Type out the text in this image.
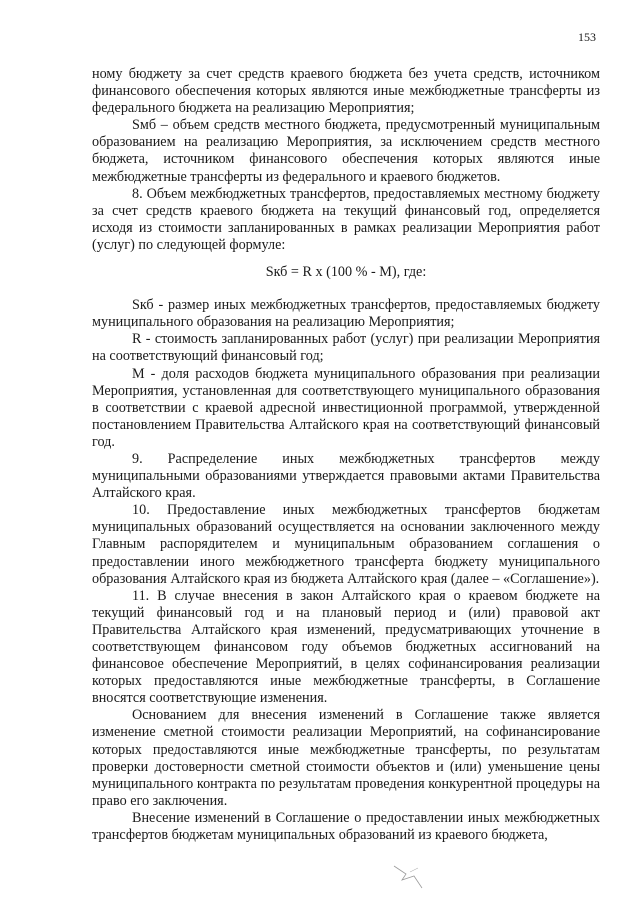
153

ному бюджету за счет средств краевого бюджета без учета средств, источником финансового обеспечения которых являются иные межбюджетные трансферты из федерального бюджета на реализацию Мероприятия;

Sмб – объем средств местного бюджета, предусмотренный муниципальным образованием на реализацию Мероприятия, за исключением средств местного бюджета, источником финансового обеспечения которых являются иные межбюджетные трансферты из федерального и краевого бюджетов.

8. Объем межбюджетных трансфертов, предоставляемых местному бюджету за счет средств краевого бюджета на текущий финансовый год, определяется исходя из стоимости запланированных в рамках реализации Мероприятия работ (услуг) по следующей формуле:

Sкб = R x (100 % - М), где:

Sкб - размер иных межбюджетных трансфертов, предоставляемых бюджету муниципального образования на реализацию Мероприятия;

R - стоимость запланированных работ (услуг) при реализации Мероприятия на соответствующий финансовый год;

М - доля расходов бюджета муниципального образования при реализации Мероприятия, установленная для соответствующего муниципального образования в соответствии с краевой адресной инвестиционной программой, утвержденной постановлением Правительства Алтайского края на соответствующий финансовый год.

9. Распределение иных межбюджетных трансфертов между муниципальными образованиями утверждается правовыми актами Правительства Алтайского края.

10. Предоставление иных межбюджетных трансфертов бюджетам муниципальных образований осуществляется на основании заключенного между Главным распорядителем и муниципальным образованием соглашения о предоставлении иного межбюджетного трансферта бюджету муниципального образования Алтайского края из бюджета Алтайского края (далее – «Соглашение»).

11. В случае внесения в закон Алтайского края о краевом бюджете на текущий финансовый год и на плановый период и (или) правовой акт Правительства Алтайского края изменений, предусматривающих уточнение в соответствующем финансовом году объемов бюджетных ассигнований на финансовое обеспечение Мероприятий, в целях софинансирования реализации которых предоставляются иные межбюджетные трансферты, в Соглашение вносятся соответствующие изменения.

Основанием для внесения изменений в Соглашение также является изменение сметной стоимости реализации Мероприятий, на софинансирование которых предоставляются иные межбюджетные трансферты, по результатам проверки достоверности сметной стоимости объектов и (или) уменьшение цены муниципального контракта по результатам проведения конкурентной процедуры на право его заключения.

Внесение изменений в Соглашение о предоставлении иных межбюджетных трансфертов бюджетам муниципальных образований из краевого бюджета,
